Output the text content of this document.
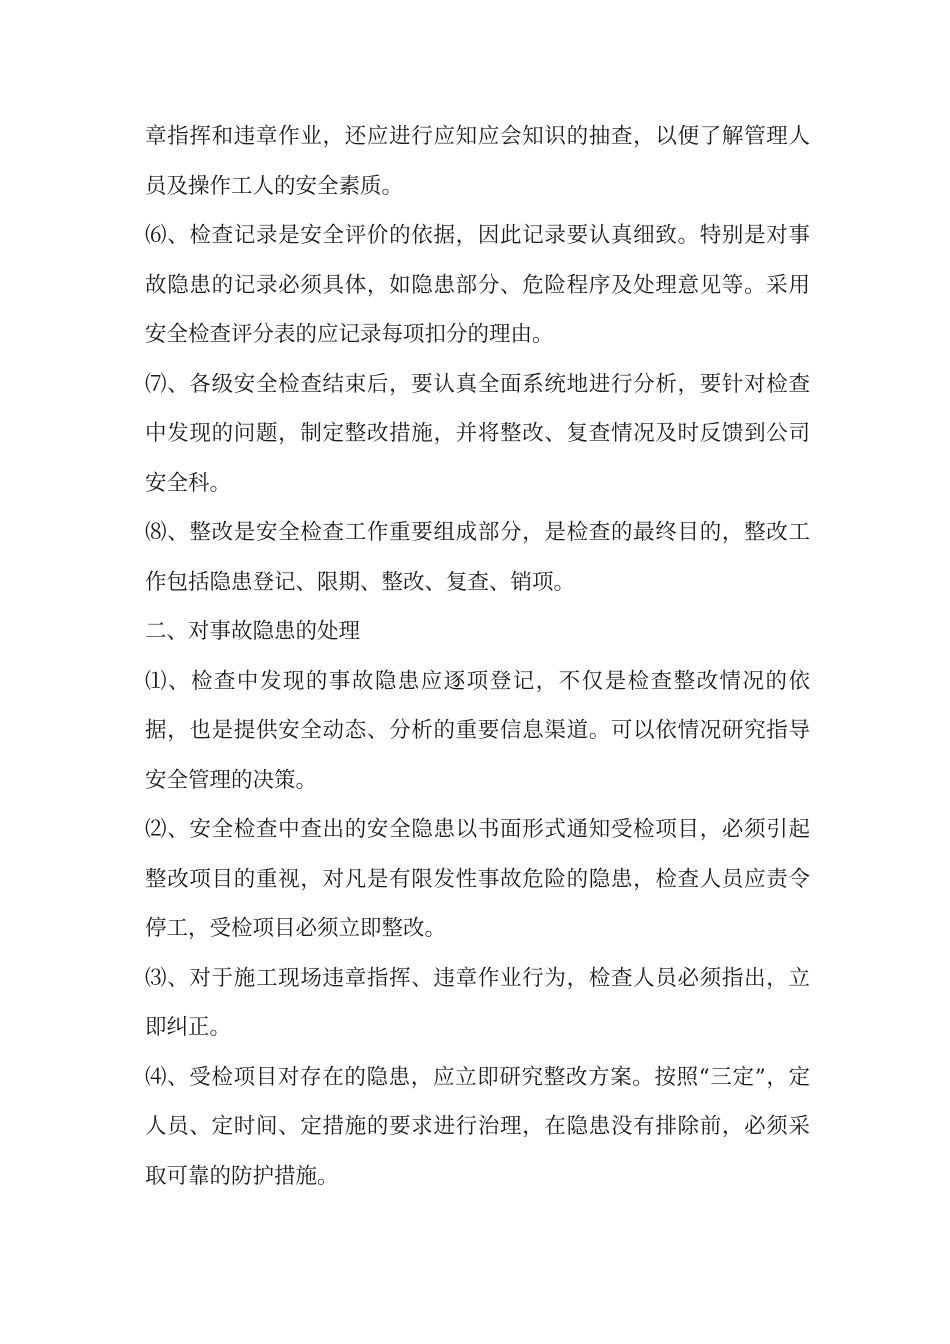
章指挥和违章作业，还应进行应知应会知识的抽查，以便了解管理人员及操作工人的安全素质。

⑹、检查记录是安全评价的依据，因此记录要认真细致。特别是对事故隐患的记录必须具体，如隐患部分、危险程序及处理意见等。采用安全检查评分表的应记录每项扣分的理由。

⑺、各级安全检查结束后，要认真全面系统地进行分析，要针对检查中发现的问题，制定整改措施，并将整改、复查情况及时反馈到公司安全科。

⑻、整改是安全检查工作重要组成部分，是检查的最终目的，整改工作包括隐患登记、限期、整改、复查、销项。

二、对事故隐患的处理

⑴、检查中发现的事故隐患应逐项登记，不仅是检查整改情况的依据，也是提供安全动态、分析的重要信息渠道。可以依情况研究指导安全管理的决策。

⑵、安全检查中查出的安全隐患以书面形式通知受检项目，必须引起整改项目的重视，对凡是有限发性事故危险的隐患，检查人员应责令停工，受检项目必须立即整改。

⑶、对于施工现场违章指挥、违章作业行为，检查人员必须指出，立即纠正。

⑷、受检项目对存在的隐患，应立即研究整改方案。按照“三定”，定人员、定时间、定措施的要求进行治理，在隐患没有排除前，必须采取可靠的防护措施。
